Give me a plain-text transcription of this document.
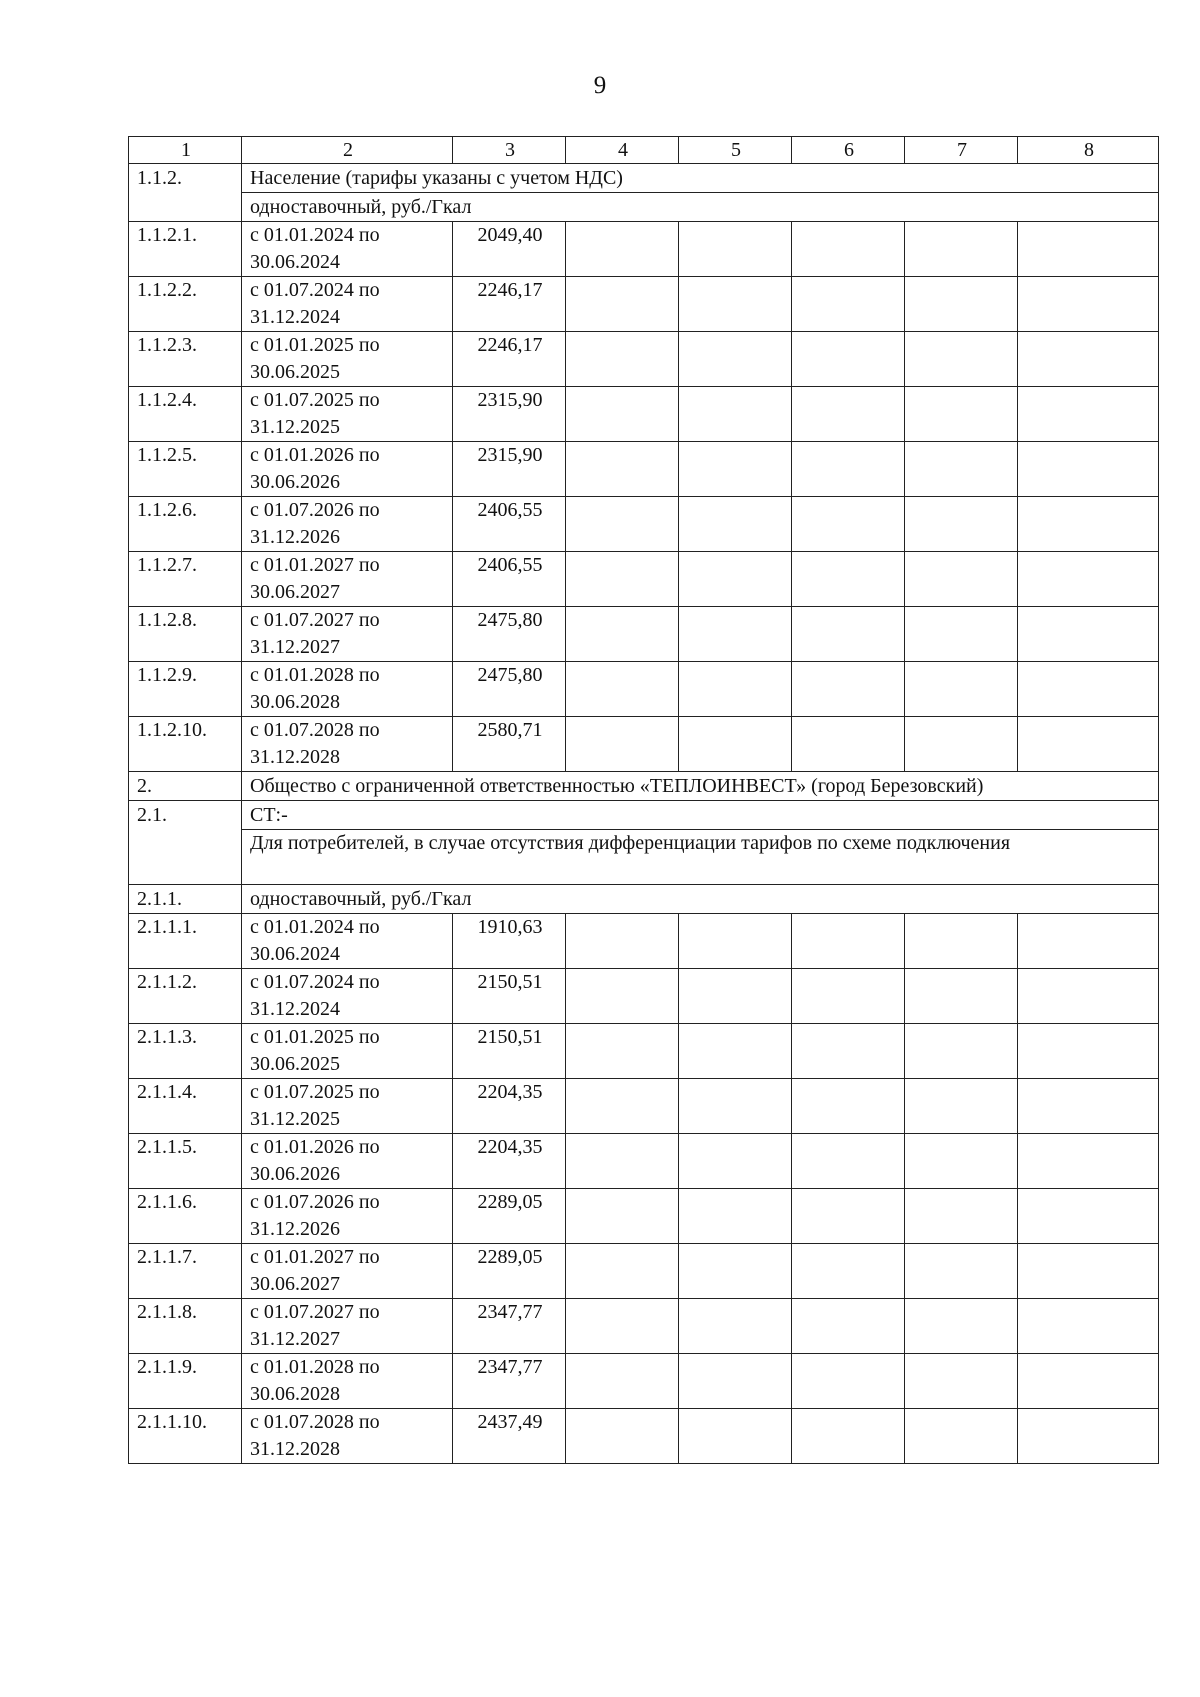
9
1	2	3	4	5	6	7	8
1.1.2.	Население (тарифы указаны с учетом НДС)						
	одноставочный, руб./Гкал						
1.1.2.1.	с 01.01.2024 по
30.06.2024	2049,40					
1.1.2.2.	с 01.07.2024 по
31.12.2024	2246,17					
1.1.2.3.	с 01.01.2025 по
30.06.2025	2246,17					
1.1.2.4.	с 01.07.2025 по
31.12.2025	2315,90					
1.1.2.5.	с 01.01.2026 по
30.06.2026	2315,90					
1.1.2.6.	с 01.07.2026 по
31.12.2026	2406,55					
1.1.2.7.	с 01.01.2027 по
30.06.2027	2406,55					
1.1.2.8.	с 01.07.2027 по
31.12.2027	2475,80					
1.1.2.9.	с 01.01.2028 по
30.06.2028	2475,80					
1.1.2.10.	с 01.07.2028 по
31.12.2028	2580,71					
2.	Общество с ограниченной ответственностью «ТЕПЛОИНВЕСТ» (город Березовский)						
2.1.	СТ:-						
	Для потребителей, в случае отсутствия дифференциации тарифов по схеме подключения						
2.1.1.	одноставочный, руб./Гкал						
2.1.1.1.	с 01.01.2024 по
30.06.2024	1910,63					
2.1.1.2.	с 01.07.2024 по
31.12.2024	2150,51					
2.1.1.3.	с 01.01.2025 по
30.06.2025	2150,51					
2.1.1.4.	с 01.07.2025 по
31.12.2025	2204,35					
2.1.1.5.	с 01.01.2026 по
30.06.2026	2204,35					
2.1.1.6.	с 01.07.2026 по
31.12.2026	2289,05					
2.1.1.7.	с 01.01.2027 по
30.06.2027	2289,05					
2.1.1.8.	с 01.07.2027 по
31.12.2027	2347,77					
2.1.1.9.	с 01.01.2028 по
30.06.2028	2347,77					
2.1.1.10.	с 01.07.2028 по
31.12.2028	2437,49					
